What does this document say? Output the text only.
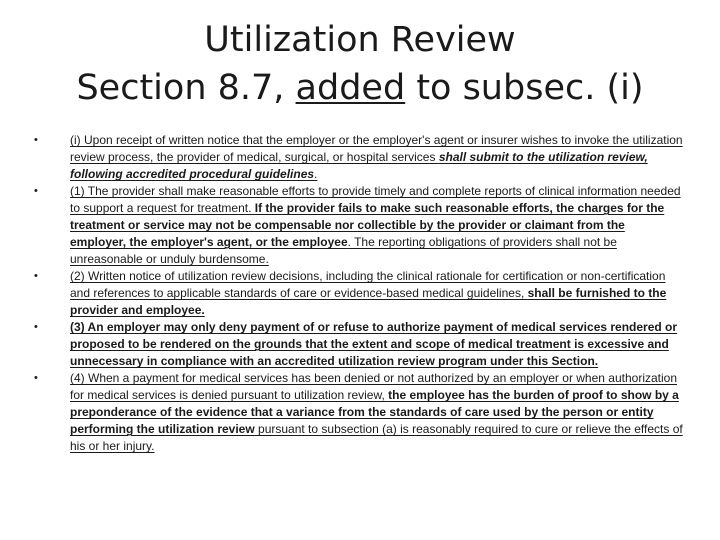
Utilization Review
Section 8.7, added to subsec. (i)

•	(i) Upon receipt of written notice that the employer or the employer's agent or insurer wishes to invoke the utilization review process, the provider of medical, surgical, or hospital services shall submit to the utilization review, following accredited procedural guidelines.

•	(1) The provider shall make reasonable efforts to provide timely and complete reports of clinical information needed to support a request for treatment. If the provider fails to make such reasonable efforts, the charges for the treatment or service may not be compensable nor collectible by the provider or claimant from the employer, the employer's agent, or the employee. The reporting obligations of providers shall not be unreasonable or unduly burdensome.

•	(2) Written notice of utilization review decisions, including the clinical rationale for certification or non-certification and references to applicable standards of care or evidence-based medical guidelines, shall be furnished to the provider and employee.

•	(3) An employer may only deny payment of or refuse to authorize payment of medical services rendered or proposed to be rendered on the grounds that the extent and scope of medical treatment is excessive and unnecessary in compliance with an accredited utilization review program under this Section.

•	(4) When a payment for medical services has been denied or not authorized by an employer or when authorization for medical services is denied pursuant to utilization review, the employee has the burden of proof to show by a preponderance of the evidence that a variance from the standards of care used by the person or entity performing the utilization review pursuant to subsection (a) is reasonably required to cure or relieve the effects of his or her injury.
